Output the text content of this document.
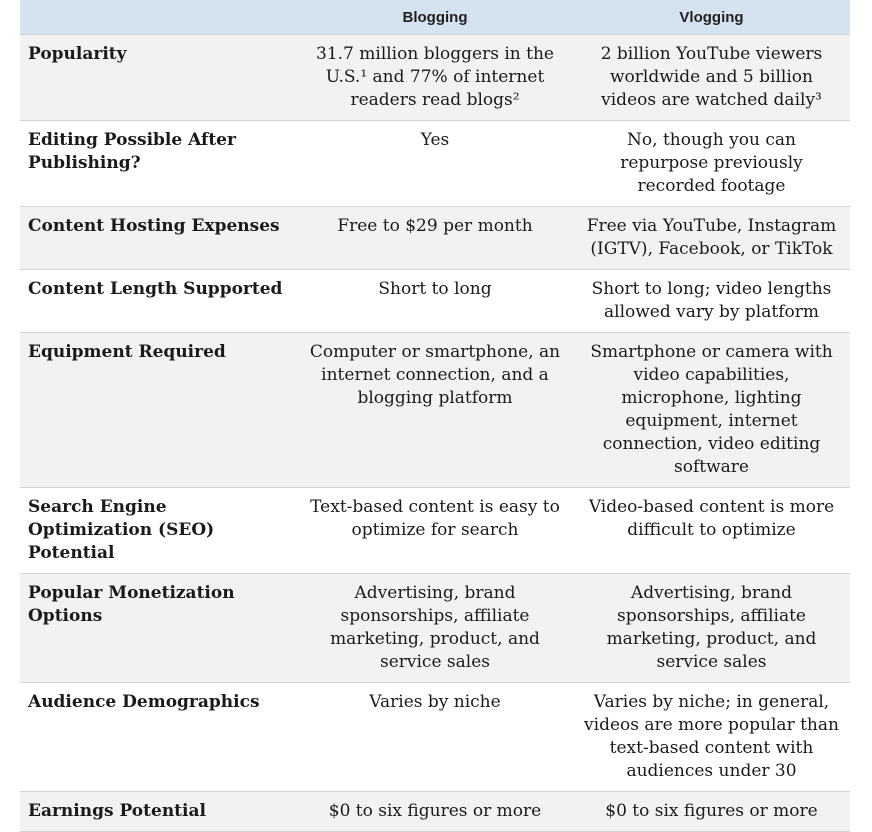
	Blogging	Vlogging
Popularity	31.7 million bloggers in the U.S.¹ and 77% of internet readers read blogs²	2 billion YouTube viewers worldwide and 5 billion videos are watched daily³
Editing Possible After Publishing?	Yes	No, though you can repurpose previously recorded footage
Content Hosting Expenses	Free to $29 per month	Free via YouTube, Instagram (IGTV), Facebook, or TikTok
Content Length Supported	Short to long	Short to long; video lengths allowed vary by platform
Equipment Required	Computer or smartphone, an internet connection, and a blogging platform	Smartphone or camera with video capabilities, microphone, lighting equipment, internet connection, video editing software
Search Engine Optimization (SEO) Potential	Text-based content is easy to optimize for search	Video-based content is more difficult to optimize
Popular Monetization Options	Advertising, brand sponsorships, affiliate marketing, product, and service sales	Advertising, brand sponsorships, affiliate marketing, product, and service sales
Audience Demographics	Varies by niche	Varies by niche; in general, videos are more popular than text-based content with audiences under 30
Earnings Potential	$0 to six figures or more	$0 to six figures or more
